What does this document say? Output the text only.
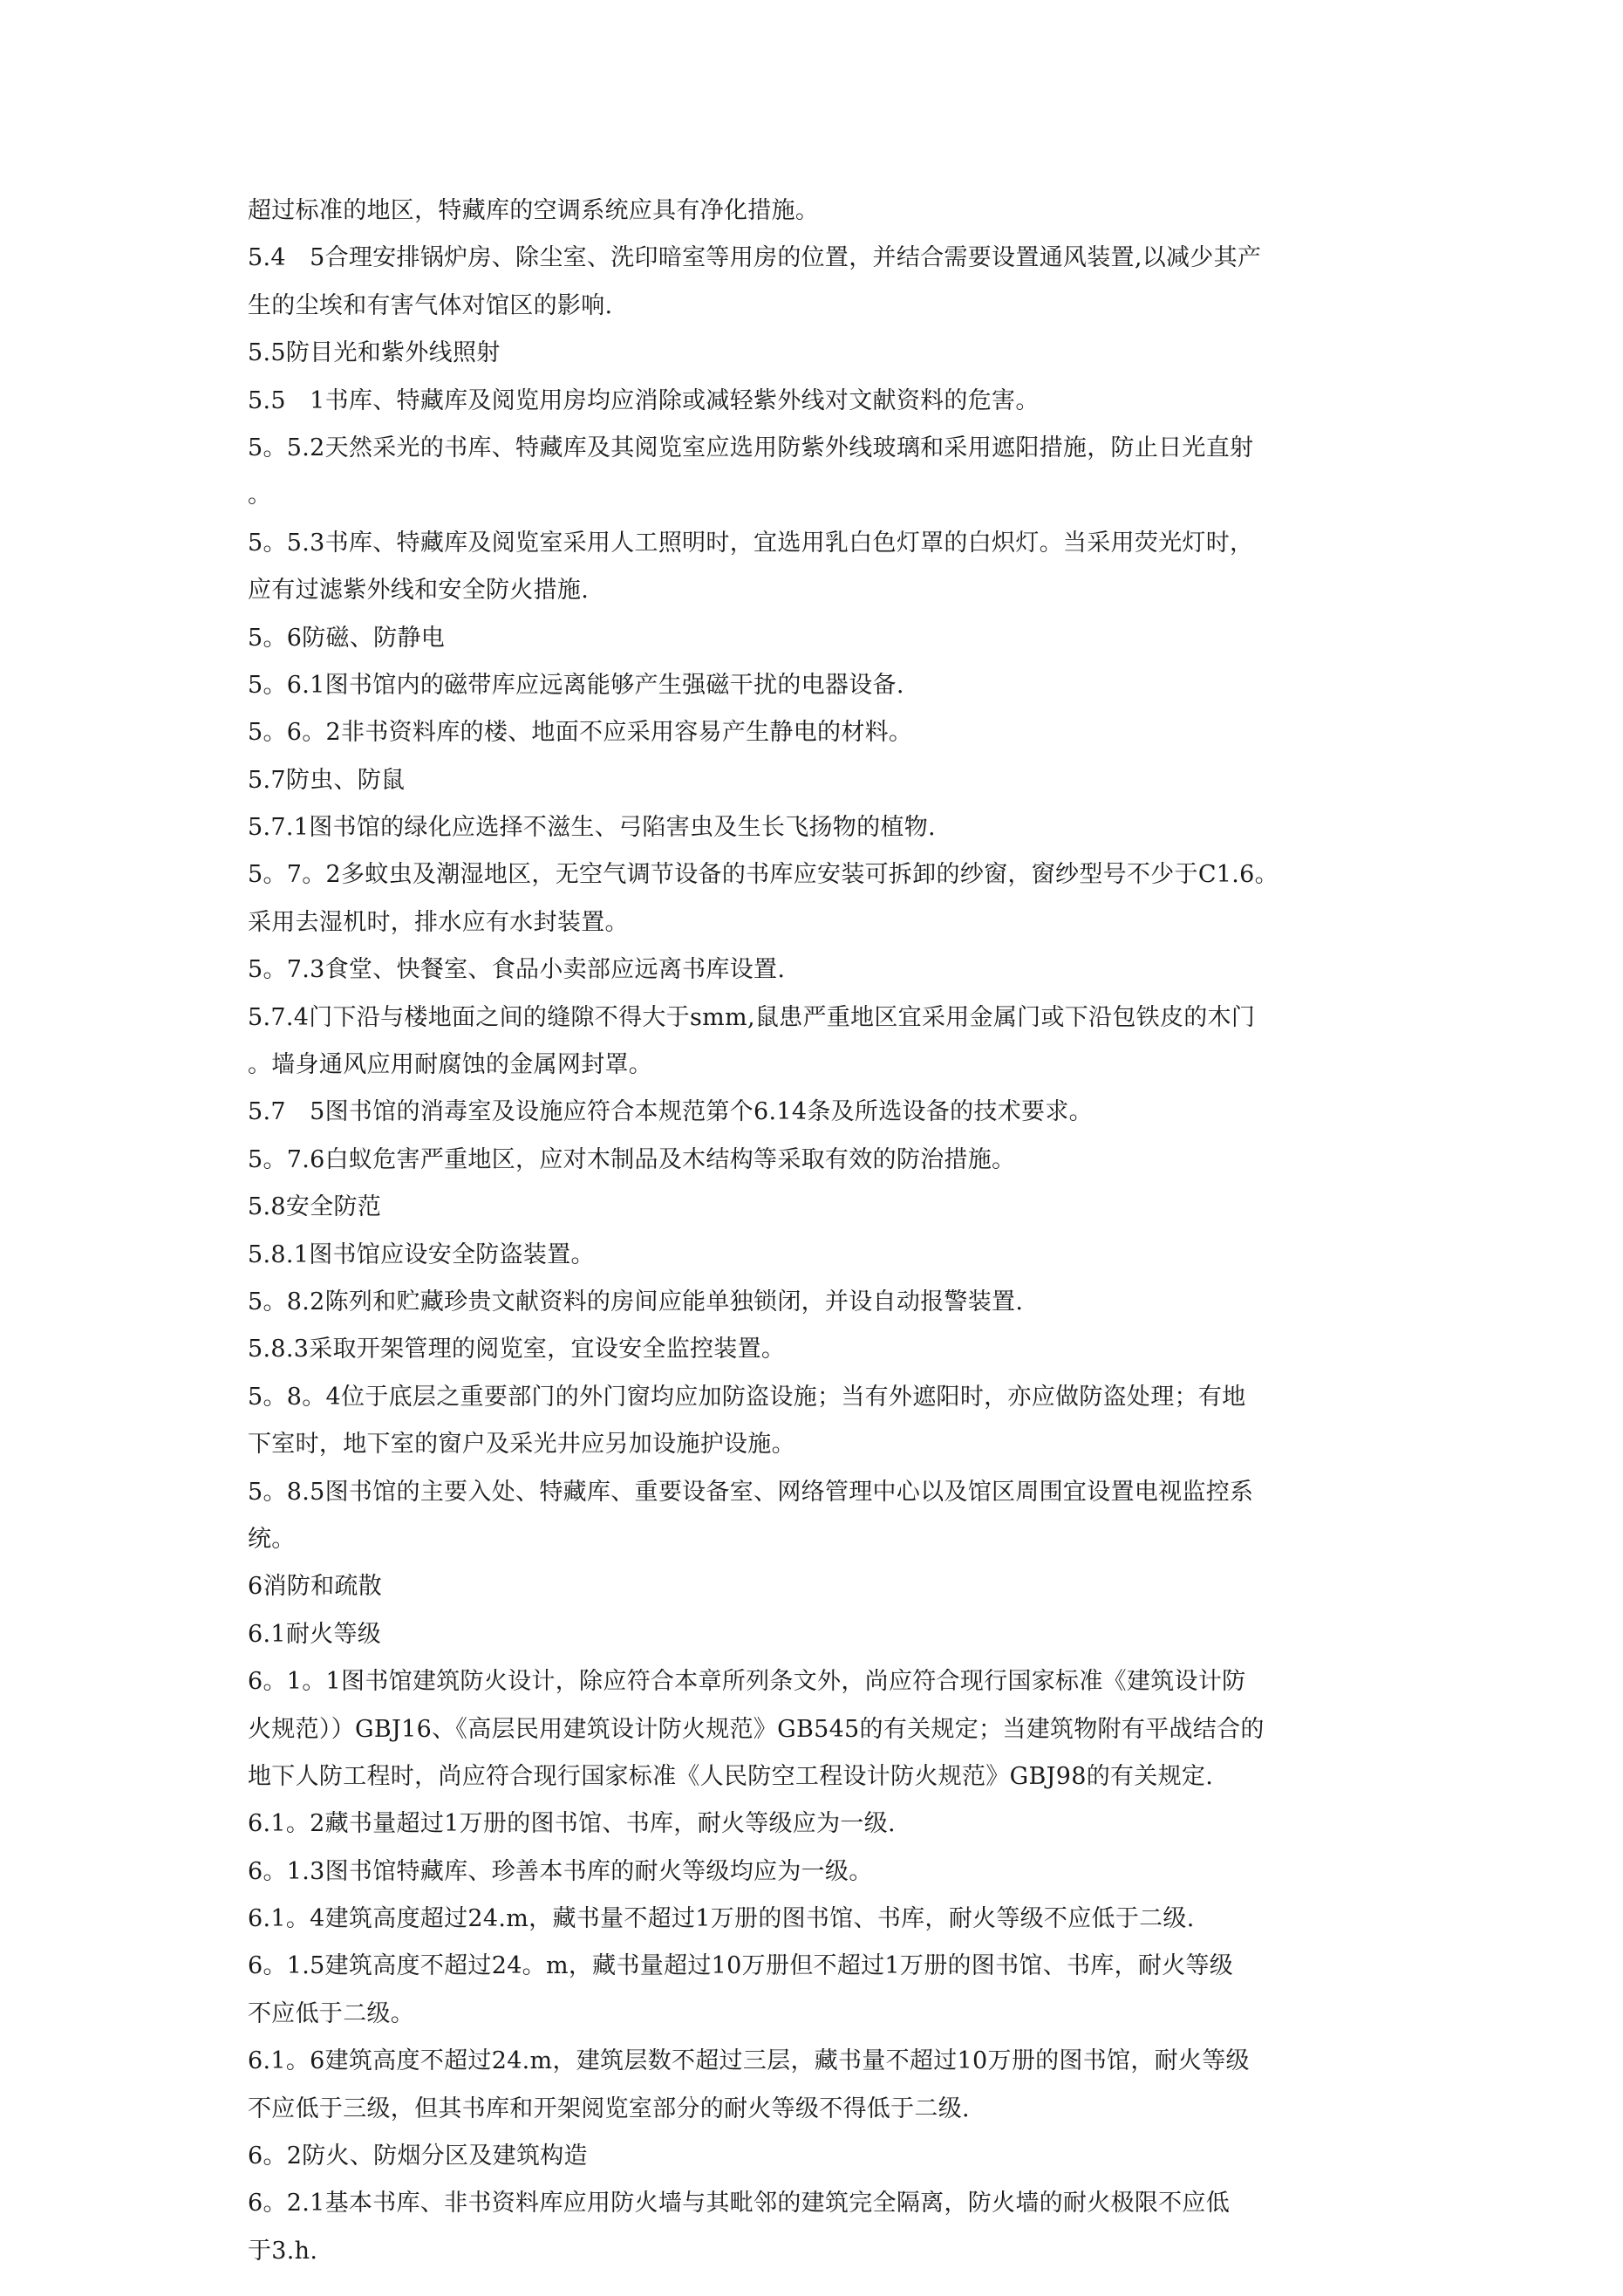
超过标准的地区，特藏库的空调系统应具有净化措施。
5.4　5合理安排锅炉房、除尘室、洗印暗室等用房的位置，并结合需要设置通风装置,以减少其产
生的尘埃和有害气体对馆区的影响.
5.5防目光和紫外线照射
5.5　1书库、特藏库及阅览用房均应消除或减轻紫外线对文献资料的危害。
5。5.2天然采光的书库、特藏库及其阅览室应选用防紫外线玻璃和采用遮阳措施，防止日光直射
。
5。5.3书库、特藏库及阅览室采用人工照明时，宜选用乳白色灯罩的白炽灯。当采用荧光灯时，
应有过滤紫外线和安全防火措施.
5。6防磁、防静电
5。6.1图书馆内的磁带库应远离能够产生强磁干扰的电器设备.
5。6。2非书资料库的楼、地面不应采用容易产生静电的材料。
5.7防虫、防鼠
5.7.1图书馆的绿化应选择不滋生、弓陷害虫及生长飞扬物的植物.
5。7。2多蚊虫及潮湿地区，无空气调节设备的书库应安装可拆卸的纱窗，窗纱型号不少于C1.6。
采用去湿机时，排水应有水封装置。
5。7.3食堂、快餐室、食品小卖部应远离书库设置.
5.7.4门下沿与楼地面之间的缝隙不得大于smm,鼠患严重地区宜采用金属门或下沿包铁皮的木门
。墙身通风应用耐腐蚀的金属网封罩。
5.7　5图书馆的消毒室及设施应符合本规范第个6.14条及所选设备的技术要求。
5。7.6白蚁危害严重地区，应对木制品及木结构等采取有效的防治措施。
5.8安全防范
5.8.1图书馆应设安全防盗装置。
5。8.2陈列和贮藏珍贵文献资料的房间应能单独锁闭，并设自动报警装置.
5.8.3采取开架管理的阅览室，宜设安全监控装置。
5。8。4位于底层之重要部门的外门窗均应加防盗设施；当有外遮阳时，亦应做防盗处理；有地
下室时，地下室的窗户及采光井应另加设施护设施。
5。8.5图书馆的主要入处、特藏库、重要设备室、网络管理中心以及馆区周围宜设置电视监控系
统。
6消防和疏散
6.1耐火等级
6。1。1图书馆建筑防火设计，除应符合本章所列条文外，尚应符合现行国家标准《建筑设计防
火规范））GBJ16、《高层民用建筑设计防火规范》GB545的有关规定；当建筑物附有平战结合的
地下人防工程时，尚应符合现行国家标准《人民防空工程设计防火规范》GBJ98的有关规定.
6.1。2藏书量超过1万册的图书馆、书库，耐火等级应为一级.
6。1.3图书馆特藏库、珍善本书库的耐火等级均应为一级。
6.1。4建筑高度超过24.m，藏书量不超过1万册的图书馆、书库，耐火等级不应低于二级.
6。1.5建筑高度不超过24。m，藏书量超过10万册但不超过1万册的图书馆、书库，耐火等级
不应低于二级。
6.1。6建筑高度不超过24.m，建筑层数不超过三层，藏书量不超过10万册的图书馆，耐火等级
不应低于三级，但其书库和开架阅览室部分的耐火等级不得低于二级.
6。2防火、防烟分区及建筑构造
6。2.1基本书库、非书资料库应用防火墙与其毗邻的建筑完全隔离，防火墙的耐火极限不应低
于3.h.
